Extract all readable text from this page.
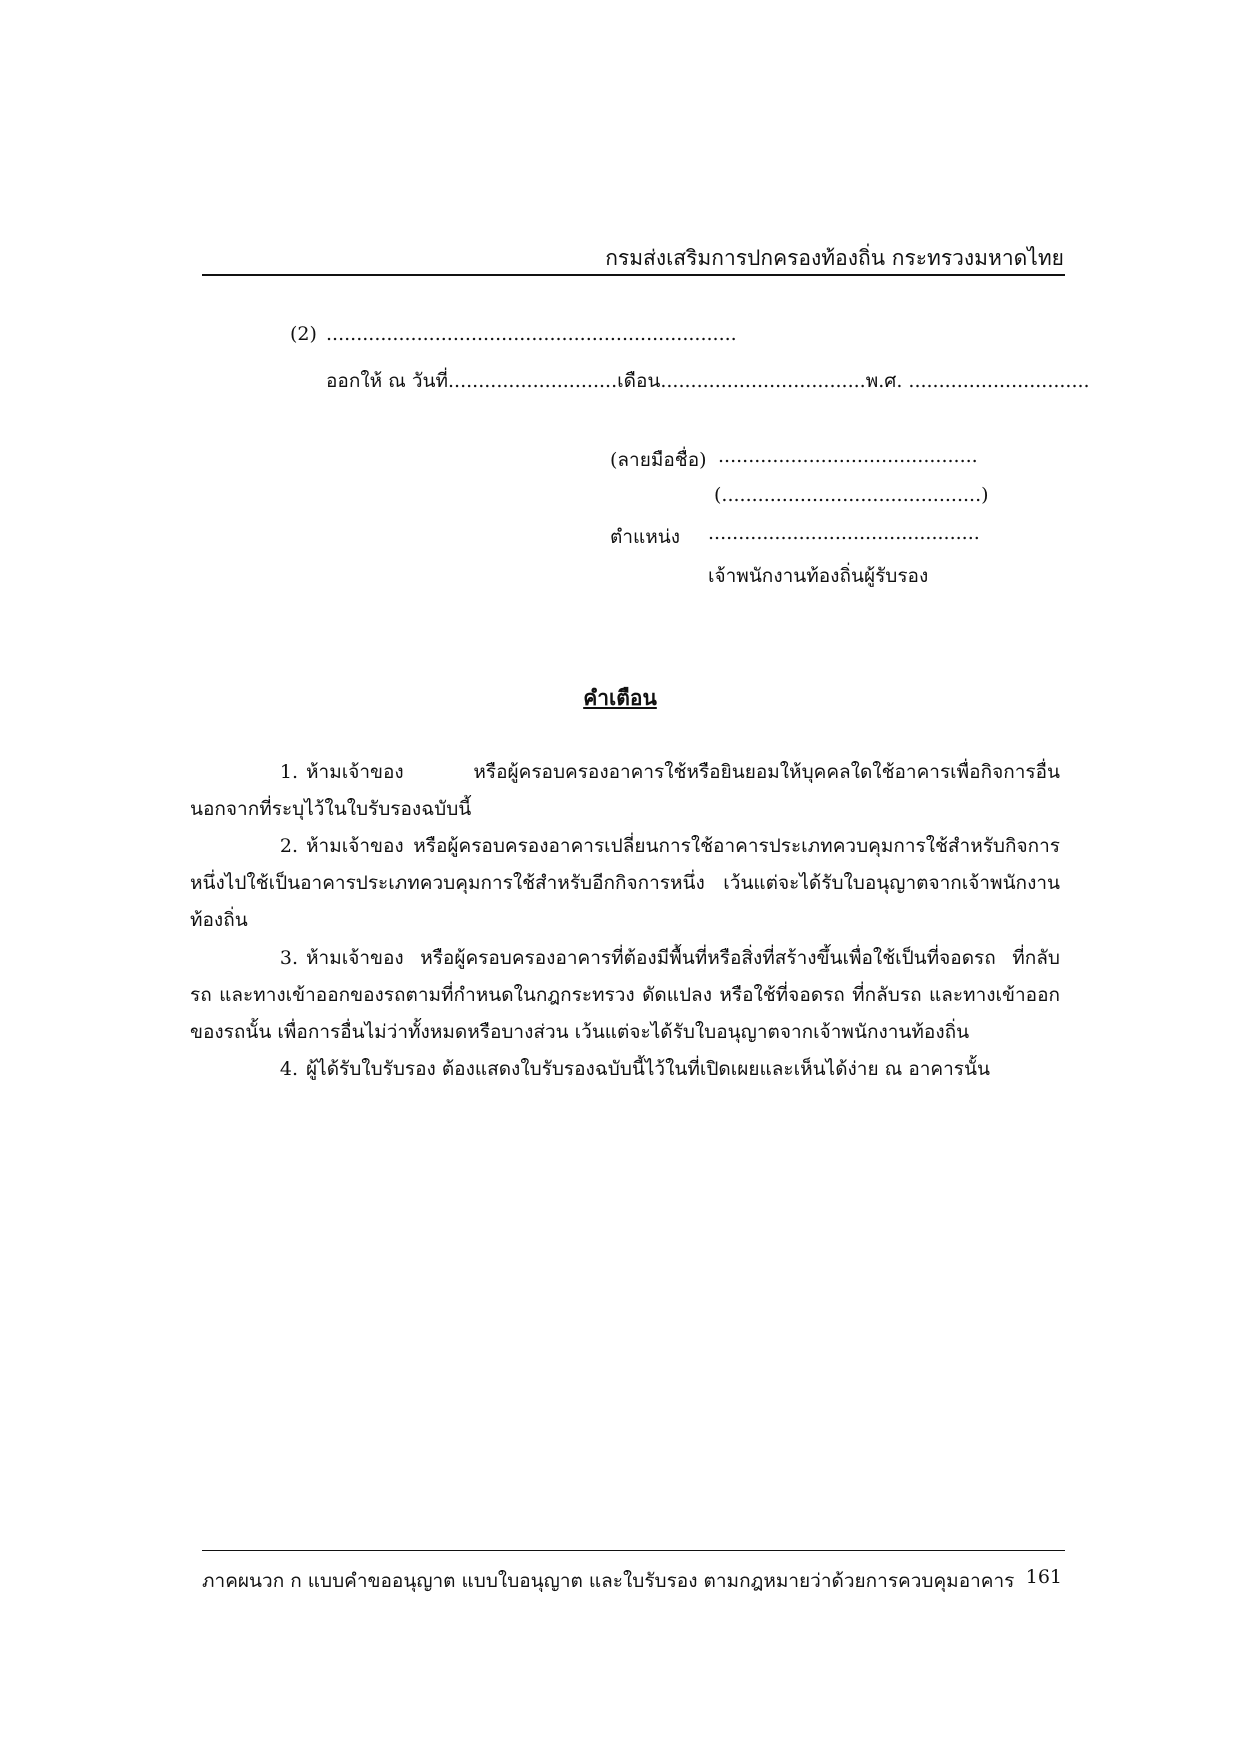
กรมส่งเสริมการปกครองท้องถิ่น กระทรวงมหาดไทย
(2) ....................................................................
ออกให้ ณ วันที่............................เดือน..................................พ.ศ. ..............................
(ลายมือชื่อ) ...........................................
(...........................................)
ตำแหน่ง .............................................
เจ้าพนักงานท้องถิ่นผู้รับรอง
คำเตือน
1. ห้ามเจ้าของ หรือผู้ครอบครองอาคารใช้หรือยินยอมให้บุคคลใดใช้อาคารเพื่อกิจการอื่น นอกจากที่ระบุไว้ในใบรับรองฉบับนี้
2. ห้ามเจ้าของ หรือผู้ครอบครองอาคารเปลี่ยนการใช้อาคารประเภทควบคุมการใช้สำหรับกิจการหนึ่งไปใช้เป็นอาคารประเภทควบคุมการใช้สำหรับอีกกิจการหนึ่ง เว้นแต่จะได้รับใบอนุญาตจากเจ้าพนักงานท้องถิ่น
3. ห้ามเจ้าของ หรือผู้ครอบครองอาคารที่ต้องมีพื้นที่หรือสิ่งที่สร้างขึ้นเพื่อใช้เป็นที่จอดรถ ที่กลับรถ และทางเข้าออกของรถตามที่กำหนดในกฎกระทรวง ดัดแปลง หรือใช้ที่จอดรถ ที่กลับรถ และทางเข้าออกของรถนั้น เพื่อการอื่นไม่ว่าทั้งหมดหรือบางส่วน เว้นแต่จะได้รับใบอนุญาตจากเจ้าพนักงานท้องถิ่น
4. ผู้ได้รับใบรับรอง ต้องแสดงใบรับรองฉบับนี้ไว้ในที่เปิดเผยและเห็นได้ง่าย ณ อาคารนั้น
ภาคผนวก ก แบบคำขออนุญาต แบบใบอนุญาต และใบรับรอง ตามกฎหมายว่าด้วยการควบคุมอาคาร 161
